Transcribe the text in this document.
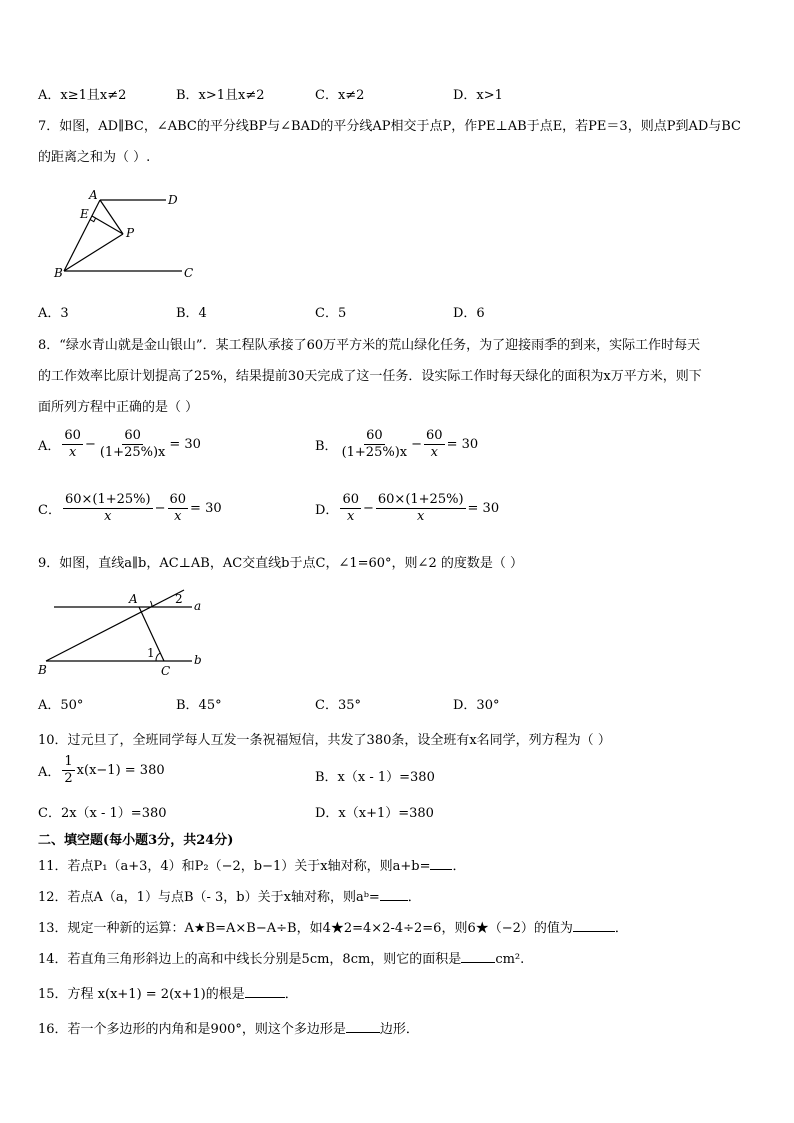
A．x≥1且x≠2	B．x>1且x≠2	C．x≠2	D．x>1
7．如图，AD∥BC，∠ABC的平分线BP与∠BAD的平分线AP相交于点P，作PE⊥AB于点E，若PE＝3，则点P到AD与BC
的距离之和为（ ）.
A	D
E
P
B	C
A．3	B．4	C．5	D．6
8．“绿水青山就是金山银山”．某工程队承接了60万平方米的荒山绿化任务，为了迎接雨季的到来，实际工作时每天
的工作效率比原计划提高了25%，结果提前30天完成了这一任务．设实际工作时每天绿化的面积为x万平方米，则下
面所列方程中正确的是（ ）
A． $\frac{60}{x} - \frac{60}{(1+25\%)x} = 30$	B． $\frac{60}{(1+25\%)x} - \frac{60}{x} = 30$
C． $\frac{60\times(1+25\%)}{x} - \frac{60}{x} = 30$	D． $\frac{60}{x} - \frac{60\times(1+25\%)}{x} = 30$
9．如图，直线a∥b，AC⊥AB，AC交直线b于点C，∠1=60°，则∠2 的度数是（ ）
A	2 a
B
1
C
b
A．50°	B．45°	C．35°	D．30°
10．过元旦了，全班同学每人互发一条祝福短信，共发了380条，设全班有x名同学，列方程为（ ）
A． $\frac{1}{2} x(x-1) = 380$	B．x（x - 1）=380
C．2x（x - 1）=380	D．x（x+1）=380
二、填空题(每小题3分，共24分)
11．若点P₁（a+3，4）和P₂（−2，b−1）关于x轴对称，则a+b= ．
12．若点A（a，1）与点B（- 3，b）关于x轴对称，则aᵇ= ．
13．规定一种新的运算：A★B=A×B−A÷B，如4★2=4×2-4÷2=6，则6★（−2）的值为	．
14．若直角三角形斜边上的高和中线长分别是5cm，8cm，则它的面积是	cm².
15．方程 x(x+1) = 2(x+1)的根是	．
16．若一个多边形的内角和是900°，则这个多边形是	边形．
